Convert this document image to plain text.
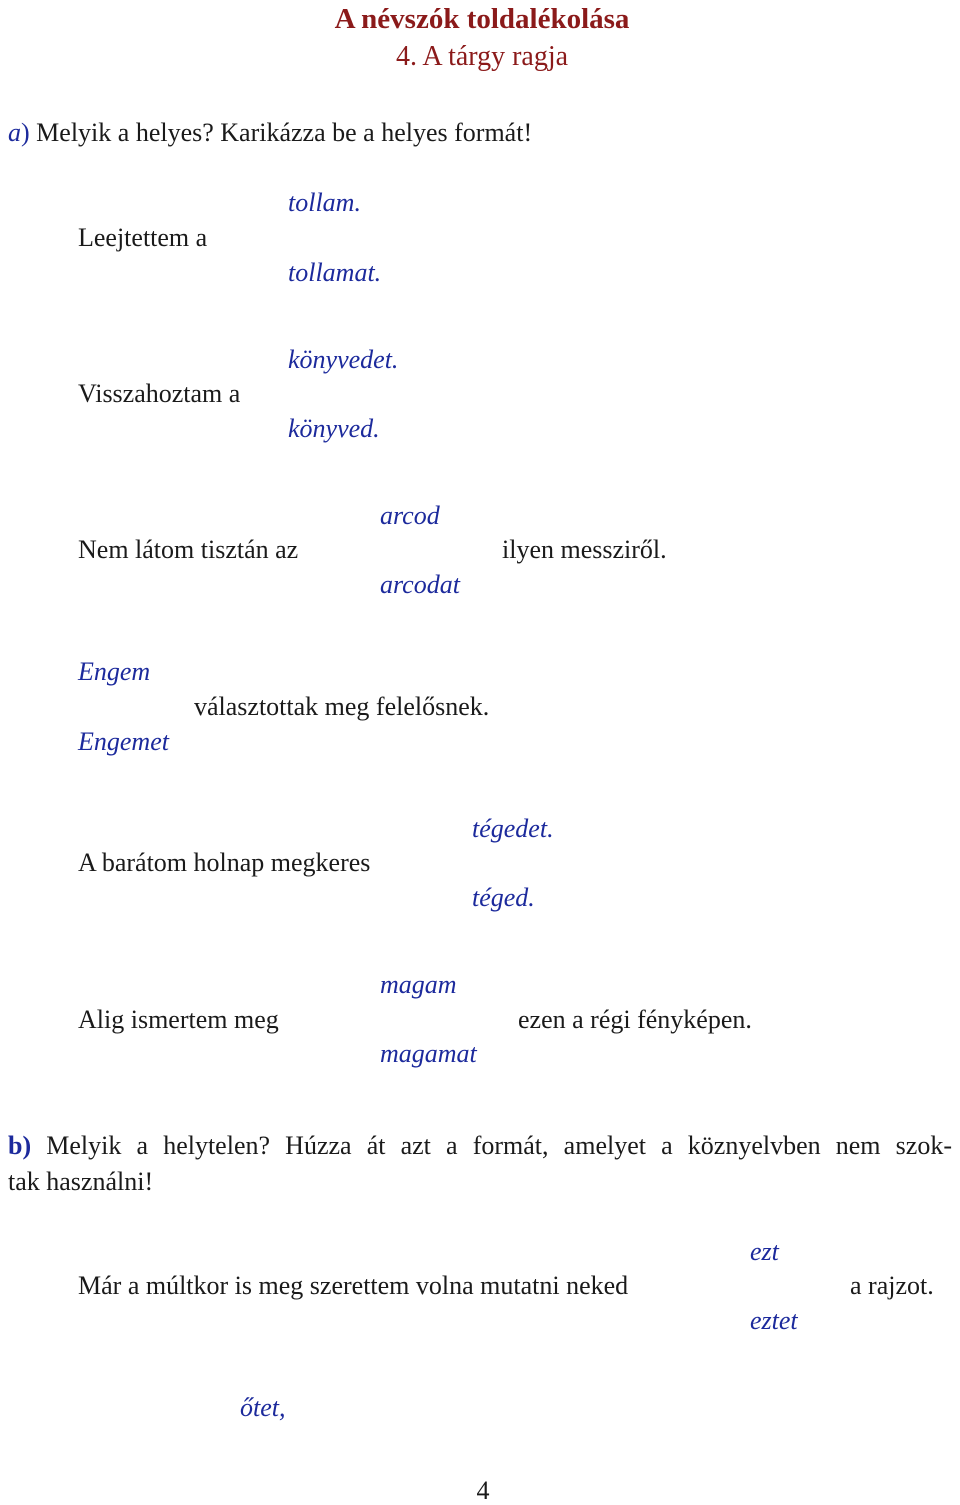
A névszók toldalékolása
4. A tárgy ragja
a) Melyik a helyes? Karikázza be a helyes formát!
Leejtettem a
tollam.
tollamat.
Visszahoztam a
könyvedet.
könyved.
Nem látom tisztán az
arcod
arcodat
ilyen messziről.
Engem
Engemet
választottak meg felelősnek.
A barátom holnap megkeres
tégedet.
téged.
Alig ismertem meg
magam
magamat
ezen a régi fényképen.
b) Melyik a helytelen? Húzza át azt a formát, amelyet a köznyelvben nem szok-
tak használni!
Már a múltkor is meg szerettem volna mutatni neked
ezt
eztet
a rajzot.
őtet,
4
